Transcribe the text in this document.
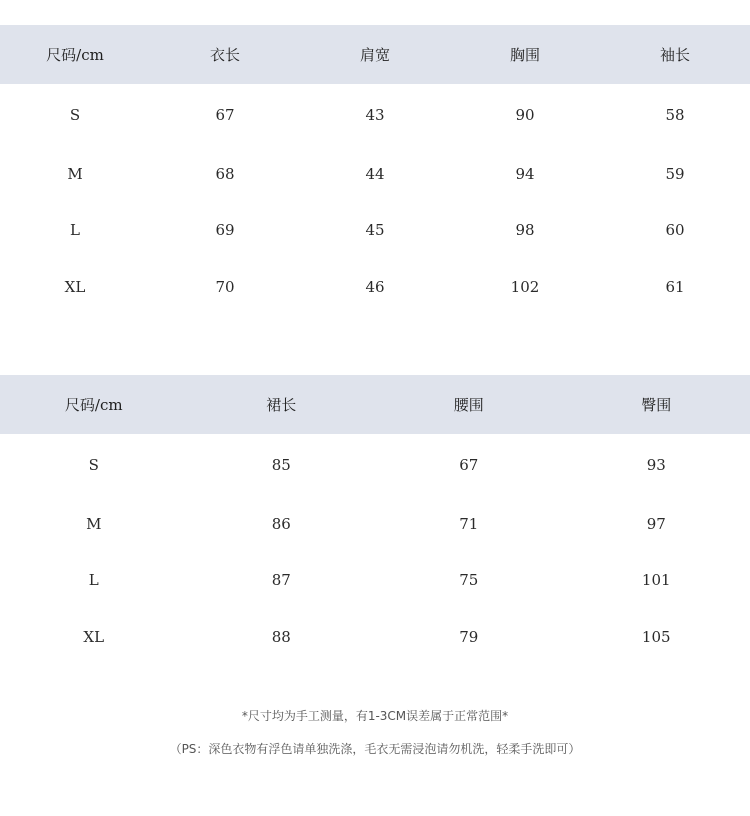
尺码/cm	衣长	肩宽	胸围	袖长
S	67	43	90	58
M	68	44	94	59
L	69	45	98	60
XL	70	46	102	61
尺码/cm	裙长	腰围	臀围
S	85	67	93
M	86	71	97
L	87	75	101
XL	88	79	105
*尺寸均为手工测量，有1-3CM误差属于正常范围*
（PS：深色衣物有浮色请单独洗涤，毛衣无需浸泡请勿机洗，轻柔手洗即可）
